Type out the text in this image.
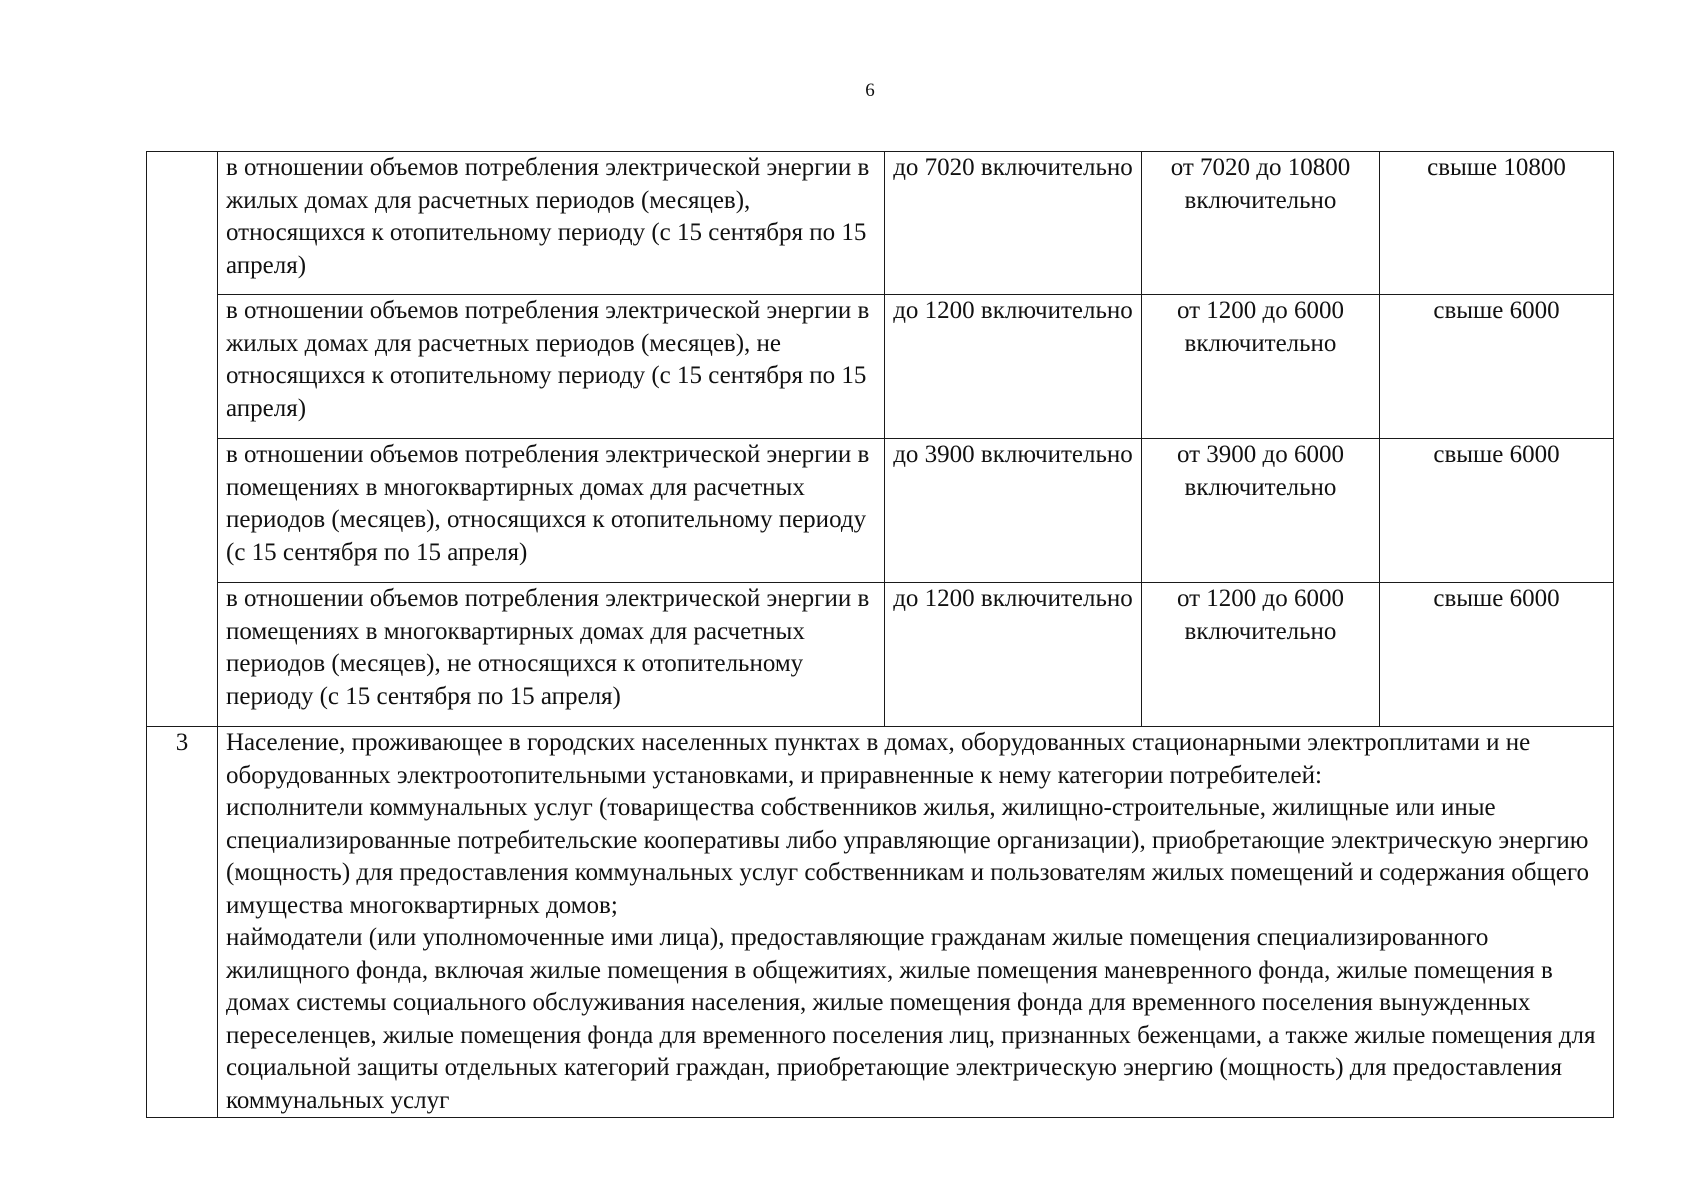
6
	в отношении объемов потребления электрической энергии в жилых домах для расчетных периодов (месяцев), относящихся к отопительному периоду (с 15 сентября по 15 апреля)	до 7020 включительно	от 7020 до 10800 включительно	свыше 10800
	в отношении объемов потребления электрической энергии в жилых домах для расчетных периодов (месяцев), не относящихся к отопительному периоду (с 15 сентября по 15 апреля)	до 1200 включительно	от 1200 до 6000 включительно	свыше 6000
	в отношении объемов потребления электрической энергии в помещениях в многоквартирных домах для расчетных периодов (месяцев), относящихся к отопительному периоду (с 15 сентября по 15 апреля)	до 3900 включительно	от 3900 до 6000 включительно	свыше 6000
	в отношении объемов потребления электрической энергии в помещениях в многоквартирных домах для расчетных периодов (месяцев), не относящихся к отопительному периоду (с 15 сентября по 15 апреля)	до 1200 включительно	от 1200 до 6000 включительно	свыше 6000
3	Население, проживающее в городских населенных пунктах в домах, оборудованных стационарными электроплитами и не оборудованных электроотопительными установками, и приравненные к нему категории потребителей:

исполнители коммунальных услуг (товарищества собственников жилья, жилищно-строительные, жилищные или иные специализированные потребительские кооперативы либо управляющие организации), приобретающие электрическую энергию (мощность) для предоставления коммунальных услуг собственникам и пользователям жилых помещений и содержания общего имущества многоквартирных домов;

наймодатели (или уполномоченные ими лица), предоставляющие гражданам жилые помещения специализированного жилищного фонда, включая жилые помещения в общежитиях, жилые помещения маневренного фонда, жилые помещения в домах системы социального обслуживания населения, жилые помещения фонда для временного поселения вынужденных переселенцев, жилые помещения фонда для временного поселения лиц, признанных беженцами, а также жилые помещения для социальной защиты отдельных категорий граждан, приобретающие электрическую энергию (мощность) для предоставления коммунальных услуг			
